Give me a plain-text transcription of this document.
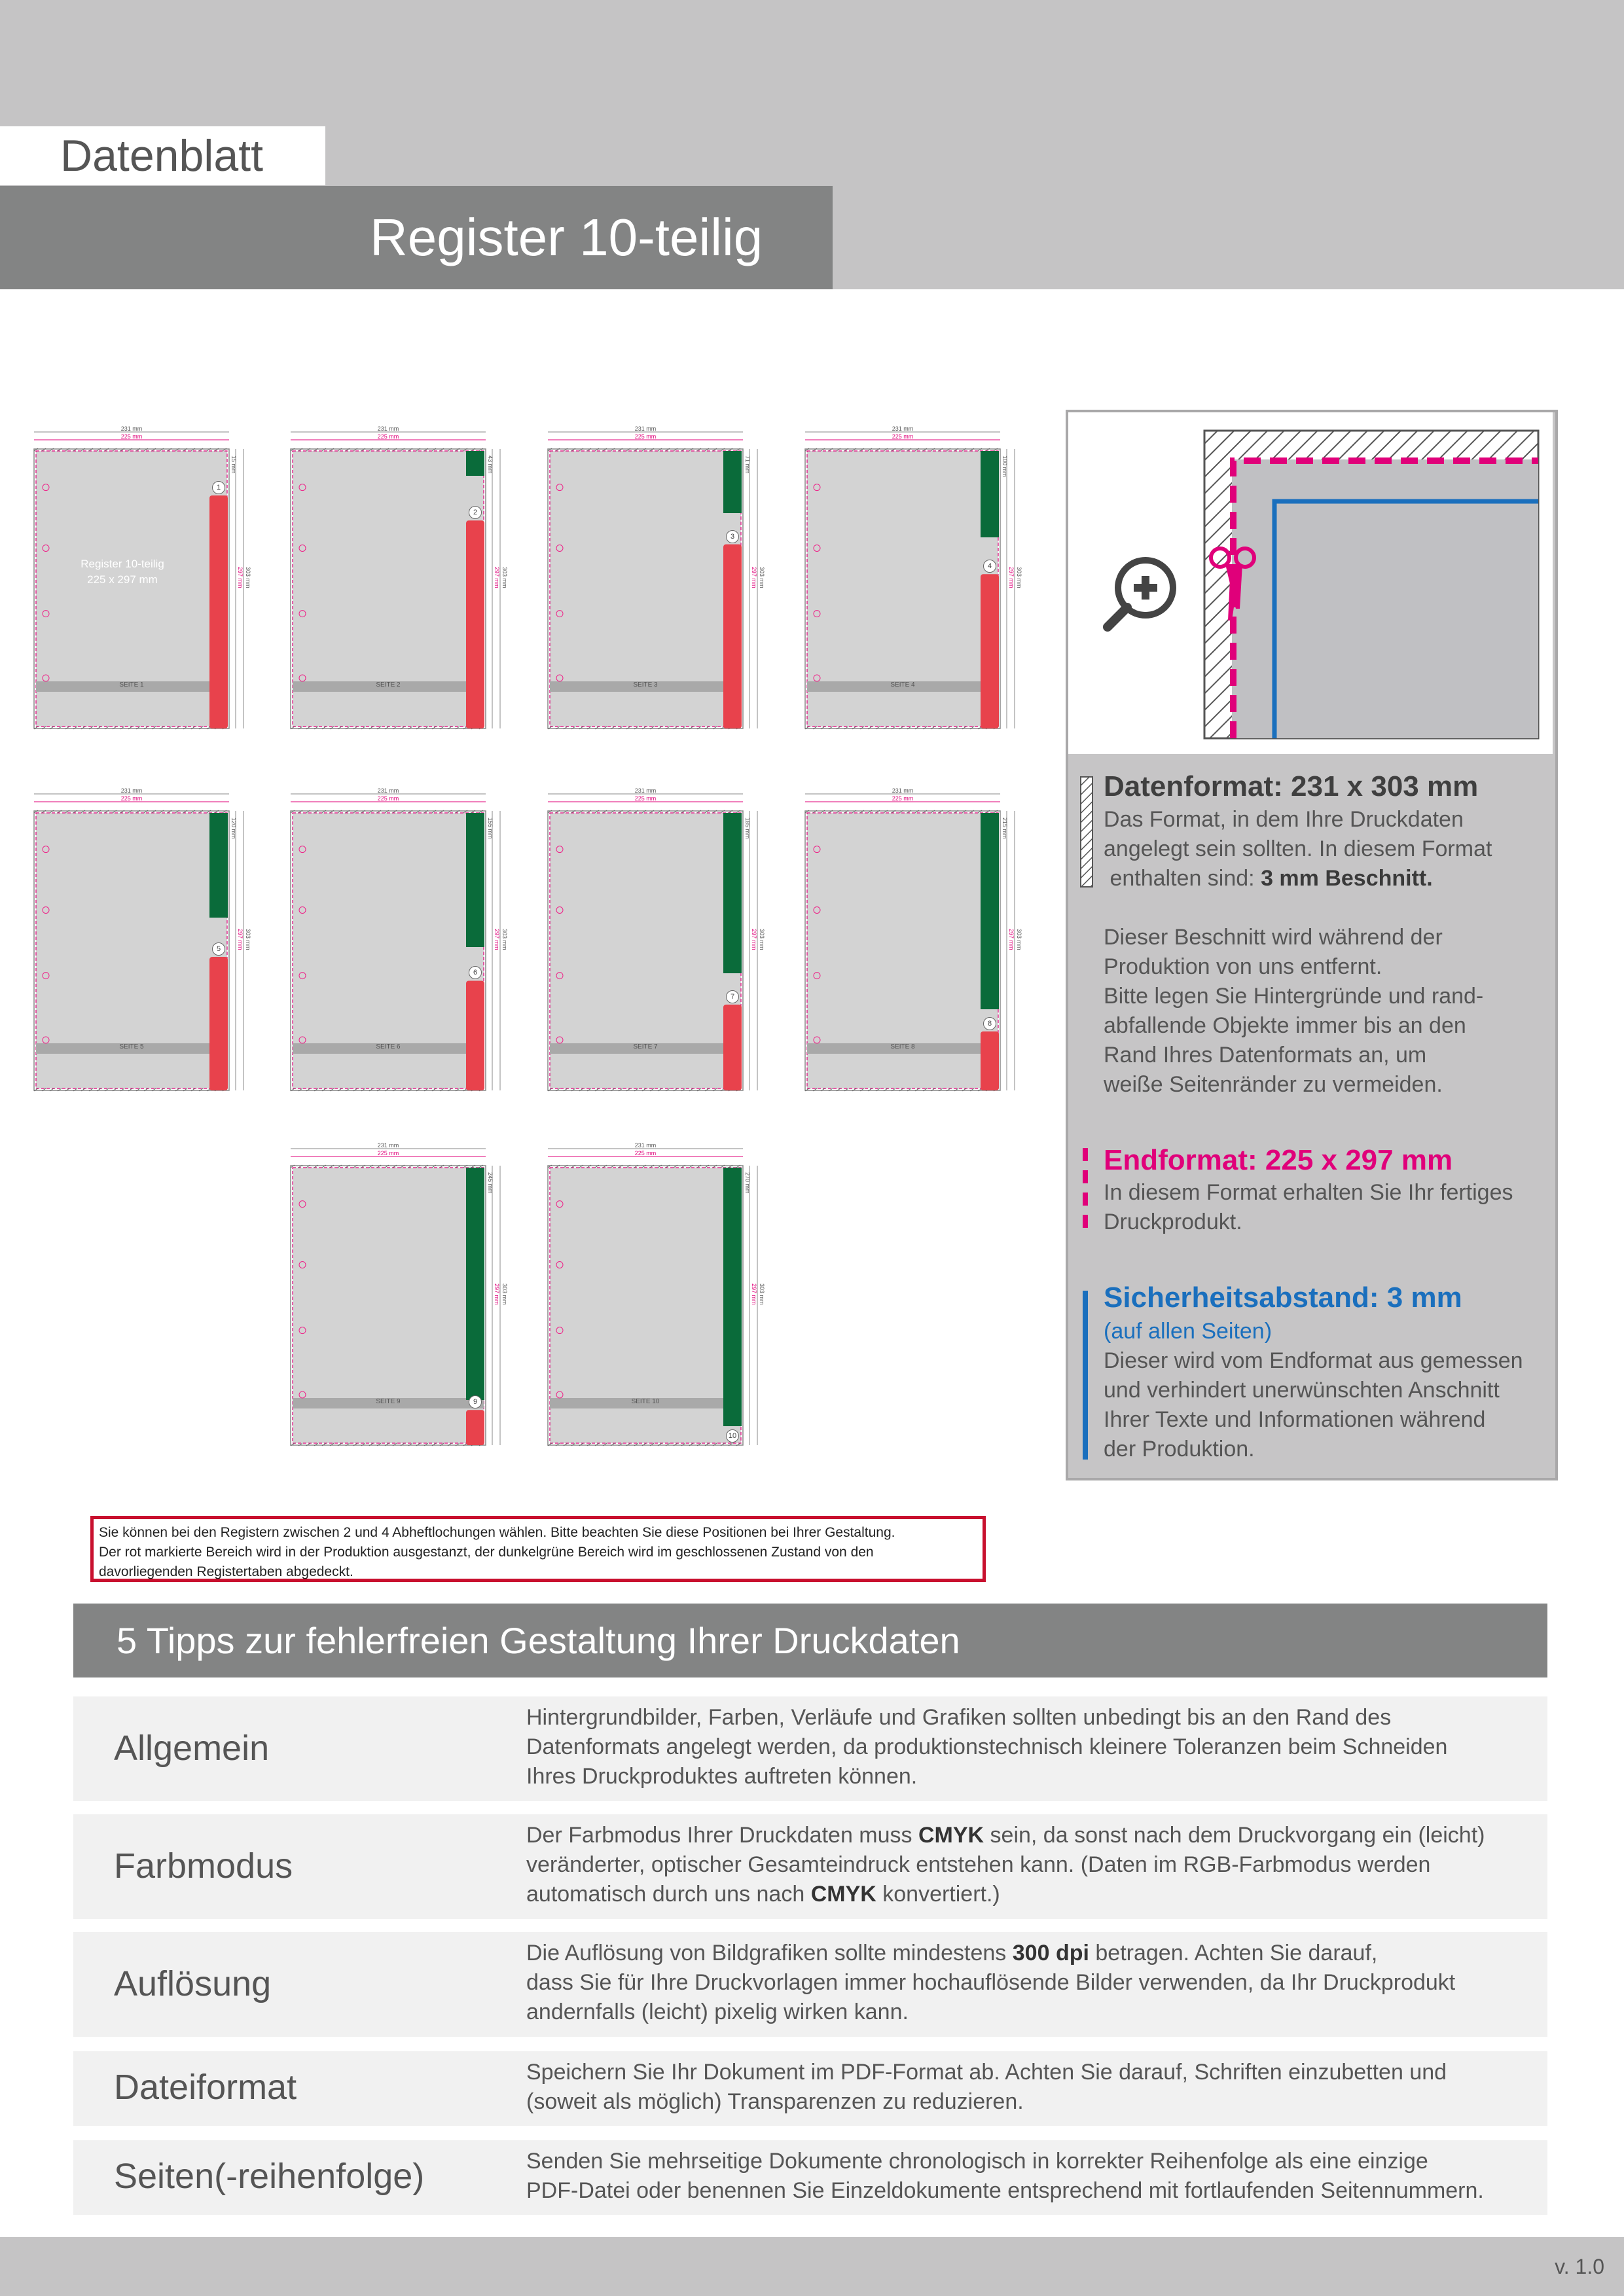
Datenblatt
Register 10-teilig
231 mm
225 mm
SEITE 1
303 mm
297 mm
15 mm
1
Register 10-teilig
225 x 297 mm
231 mm
225 mm
SEITE 2
303 mm
297 mm
43 mm
2
231 mm
225 mm
SEITE 3
303 mm
297 mm
71 mm
3
231 mm
225 mm
SEITE 4
303 mm
297 mm
100 mm
4
231 mm
225 mm
SEITE 5
303 mm
297 mm
120 mm
5
231 mm
225 mm
SEITE 6
303 mm
297 mm
155 mm
6
231 mm
225 mm
SEITE 7
303 mm
297 mm
185 mm
7
231 mm
225 mm
SEITE 8
303 mm
297 mm
215 mm
8
231 mm
225 mm
SEITE 9
303 mm
297 mm
245 mm
9
231 mm
225 mm
SEITE 10
303 mm
297 mm
270 mm
10
Datenformat: 231 x 303 mm
Das Format, in dem Ihre Druckdaten
angelegt sein sollten. In diesem Format
enthalten sind: 3 mm Beschnitt.
Dieser Beschnitt wird während der
Produktion von uns entfernt.
Bitte legen Sie Hintergründe und rand-
abfallende Objekte immer bis an den
Rand Ihres Datenformats an, um
weiße Seitenränder zu vermeiden.
Endformat: 225 x 297 mm
In diesem Format erhalten Sie Ihr fertiges
Druckprodukt.
Sicherheitsabstand: 3 mm
(auf allen Seiten)
Dieser wird vom Endformat aus gemessen
und verhindert unerwünschten Anschnitt
Ihrer Texte und Informationen während
der Produktion.
Sie können bei den Registern zwischen 2 und 4 Abheftlochungen wählen. Bitte beachten Sie diese Positionen bei Ihrer Gestaltung.
Der rot markierte Bereich wird in der Produktion ausgestanzt, der dunkelgrüne Bereich wird im geschlossenen Zustand von den
davorliegenden Registertaben abgedeckt.
5 Tipps zur fehlerfreien Gestaltung Ihrer Druckdaten
Allgemein
Hintergrundbilder, Farben, Verläufe und Grafiken sollten unbedingt bis an den Rand des
Datenformats angelegt werden, da produktionstechnisch kleinere Toleranzen beim Schneiden
Ihres Druckproduktes auftreten können.
Farbmodus
Der Farbmodus Ihrer Druckdaten muss CMYK sein, da sonst nach dem Druckvorgang ein (leicht)
veränderter, optischer Gesamteindruck entstehen kann. (Daten im RGB-Farbmodus werden
automatisch durch uns nach CMYK konvertiert.)
Auflösung
Die Auflösung von Bildgrafiken sollte mindestens 300 dpi betragen. Achten Sie darauf,
dass Sie für Ihre Druckvorlagen immer hochauflösende Bilder verwenden, da Ihr Druckprodukt
andernfalls (leicht) pixelig wirken kann.
Dateiformat	Speichern Sie Ihr Dokument im PDF-Format ab. Achten Sie darauf, Schriften einzubetten und
(soweit als möglich) Transparenzen zu reduzieren.
Seiten(-reihenfolge)	Senden Sie mehrseitige Dokumente chronologisch in korrekter Reihenfolge als eine einzige
PDF-Datei oder benennen Sie Einzeldokumente entsprechend mit fortlaufenden Seitennummern.
v. 1.0
